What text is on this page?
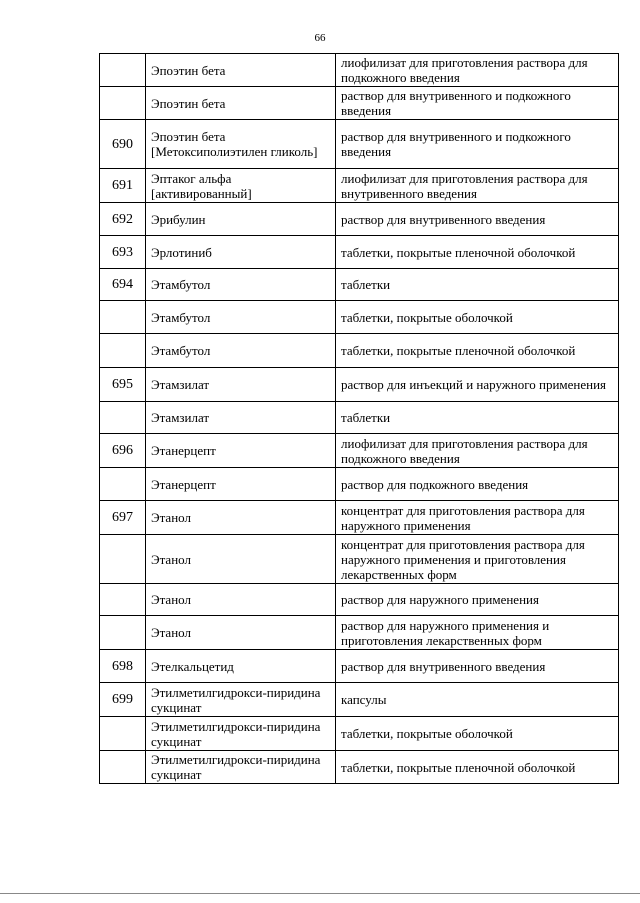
66
	Эпоэтин бета	лиофилизат для приготовления раствора для подкожного введения
	Эпоэтин бета	раствор для внутривенного и подкожного введения
690	Эпоэтин бета [Метоксиполиэтилен гликоль]	раствор для внутривенного и подкожного введения
691	Эптаког альфа [активированный]	лиофилизат для приготовления раствора для внутривенного введения
692	Эрибулин	раствор для внутривенного введения
693	Эрлотиниб	таблетки, покрытые пленочной оболочкой
694	Этамбутол	таблетки
	Этамбутол	таблетки, покрытые оболочкой
	Этамбутол	таблетки, покрытые пленочной оболочкой
695	Этамзилат	раствор для инъекций и наружного применения
	Этамзилат	таблетки
696	Этанерцепт	лиофилизат для приготовления раствора для подкожного введения
	Этанерцепт	раствор для подкожного введения
697	Этанол	концентрат для приготовления раствора для наружного применения
	Этанол	концентрат для приготовления раствора для наружного применения и приготовления лекарственных форм
	Этанол	раствор для наружного применения
	Этанол	раствор для наружного применения и приготовления лекарственных форм
698	Этелкальцетид	раствор для внутривенного введения
699	Этилметилгидрокси-пиридина сукцинат	капсулы
	Этилметилгидрокси-пиридина сукцинат	таблетки, покрытые оболочкой
	Этилметилгидрокси-пиридина сукцинат	таблетки, покрытые пленочной оболочкой
